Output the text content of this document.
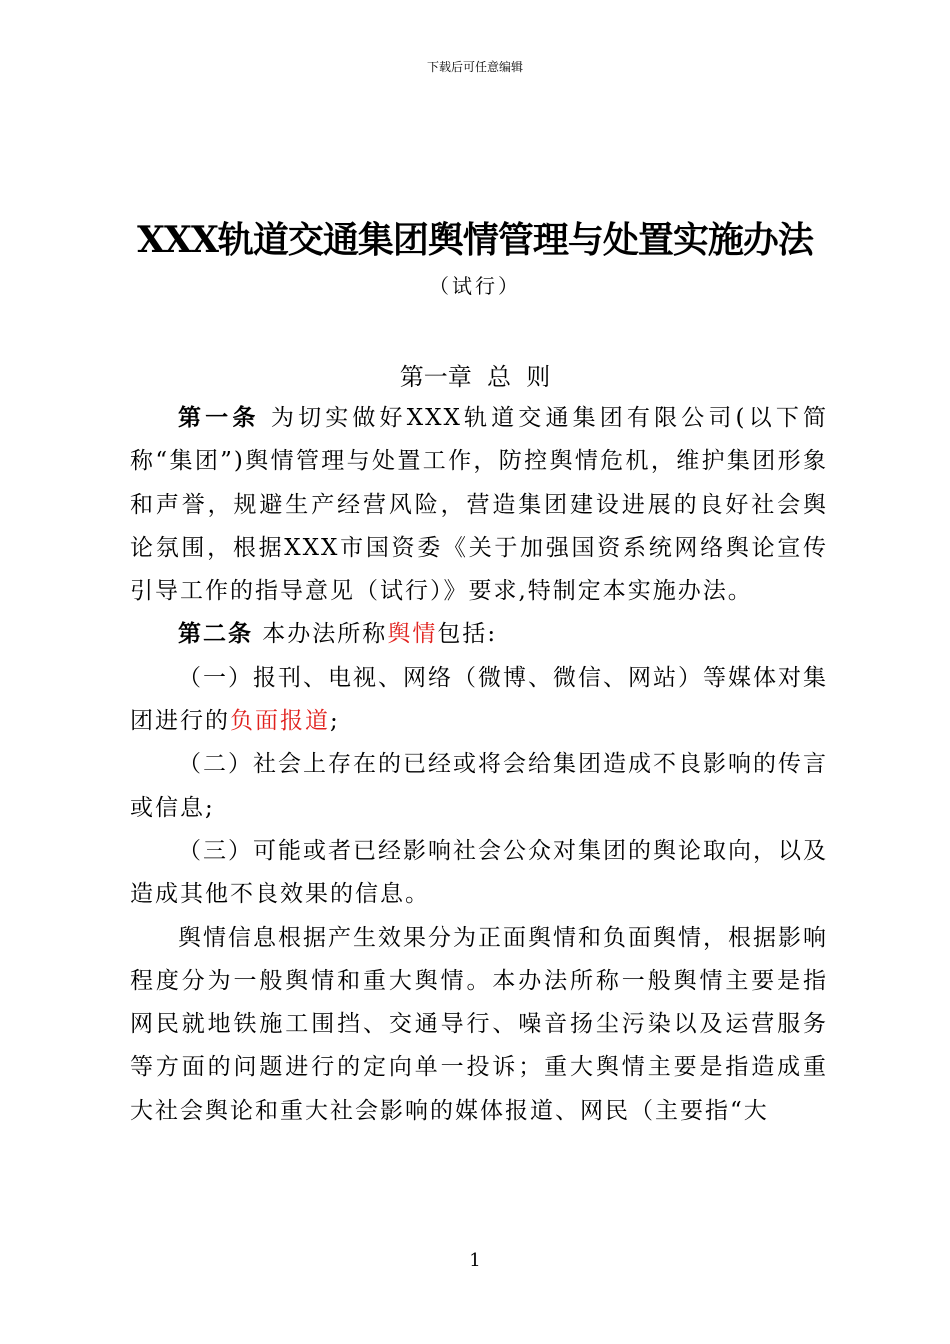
下载后可任意编辑
XXX轨道交通集团舆情管理与处置实施办法
（试行）
第一章  总  则

第一条 为切实做好XXX轨道交通集团有限公司(以下简称“集团”)舆情管理与处置工作，防控舆情危机，维护集团形象和声誉，规避生产经营风险，营造集团建设进展的良好社会舆论氛围，根据XXX市国资委《关于加强国资系统网络舆论宣传引导工作的指导意见（试行）》要求,特制定本实施办法。

第二条 本办法所称舆情包括:

（一）报刊、电视、网络（微博、微信、网站）等媒体对集团进行的负面报道;

（二）社会上存在的已经或将会给集团造成不良影响的传言或信息;

（三）可能或者已经影响社会公众对集团的舆论取向，以及造成其他不良效果的信息。

舆情信息根据产生效果分为正面舆情和负面舆情，根据影响程度分为一般舆情和重大舆情。本办法所称一般舆情主要是指网民就地铁施工围挡、交通导行、噪音扬尘污染以及运营服务等方面的问题进行的定向单一投诉；重大舆情主要是指造成重大社会舆论和重大社会影响的媒体报道、网民（主要指“大

1
